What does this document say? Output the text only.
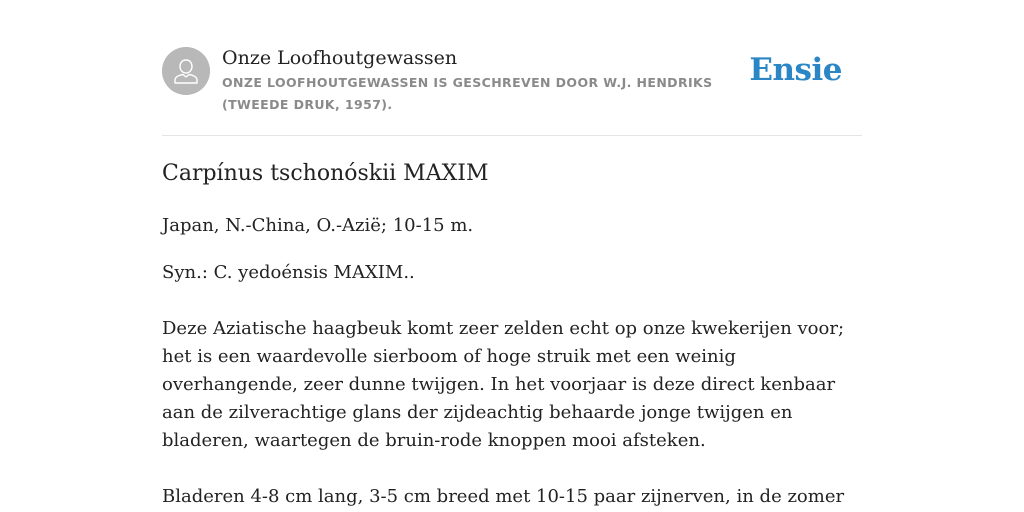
Onze Loofhoutgewassen
ONZE LOOFHOUTGEWASSEN IS GESCHREVEN DOOR W.J. HENDRIKS (TWEEDE DRUK, 1957).
Ensie
Carpínus tschonóskii MAXIM

Japan, N.-China, O.-Azië; 10-15 m.

Syn.: C. yedoénsis MAXIM..

Deze Aziatische haagbeuk komt zeer zelden echt op onze kwekerijen voor; het is een waardevolle sierboom of hoge struik met een weinig overhangende, zeer dunne twijgen. In het voorjaar is deze direct kenbaar aan de zilverachtige glans der zijdeachtig behaarde jonge twijgen en bladeren, waartegen de bruin-rode knoppen mooi afsteken.

Bladeren 4-8 cm lang, 3-5 cm breed met 10-15 paar zijnerven, in de zomer
